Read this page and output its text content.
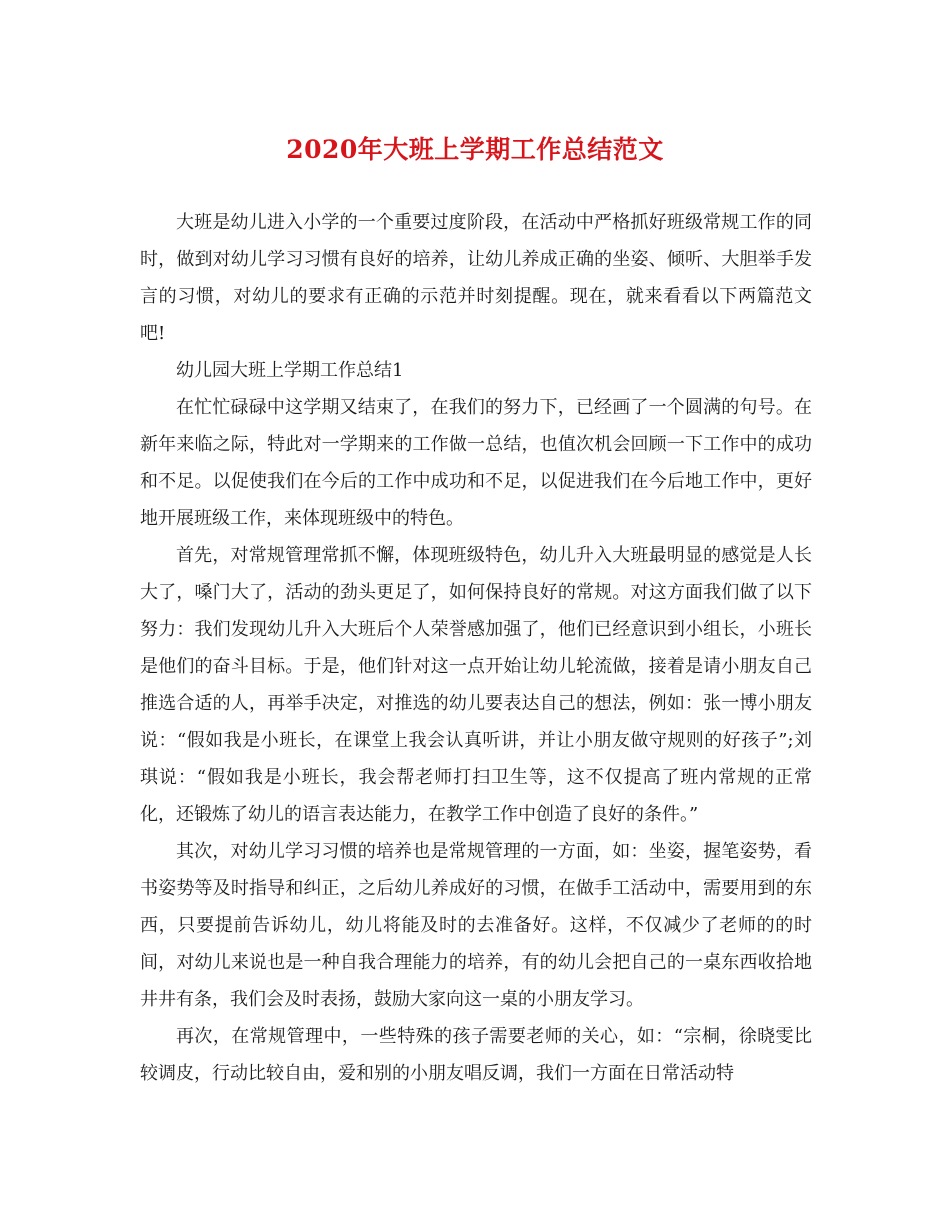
2020年大班上学期工作总结范文

大班是幼儿进入小学的一个重要过度阶段，在活动中严格抓好班级常规工作的同时，做到对幼儿学习习惯有良好的培养，让幼儿养成正确的坐姿、倾听、大胆举手发言的习惯，对幼儿的要求有正确的示范并时刻提醒。现在，就来看看以下两篇范文吧!

幼儿园大班上学期工作总结1

在忙忙碌碌中这学期又结束了，在我们的努力下，已经画了一个圆满的句号。在新年来临之际，特此对一学期来的工作做一总结，也值次机会回顾一下工作中的成功和不足。以促使我们在今后的工作中成功和不足，以促进我们在今后地工作中，更好地开展班级工作，来体现班级中的特色。

首先，对常规管理常抓不懈，体现班级特色，幼儿升入大班最明显的感觉是人长大了，嗓门大了，活动的劲头更足了，如何保持良好的常规。对这方面我们做了以下努力：我们发现幼儿升入大班后个人荣誉感加强了，他们已经意识到小组长，小班长是他们的奋斗目标。于是，他们针对这一点开始让幼儿轮流做，接着是请小朋友自己推选合适的人，再举手决定，对推选的幼儿要表达自己的想法，例如：张一博小朋友说：“假如我是小班长，在课堂上我会认真听讲，并让小朋友做守规则的好孩子”;刘琪说：“假如我是小班长，我会帮老师打扫卫生等，这不仅提高了班内常规的正常化，还锻炼了幼儿的语言表达能力，在教学工作中创造了良好的条件。”

其次，对幼儿学习习惯的培养也是常规管理的一方面，如：坐姿，握笔姿势，看书姿势等及时指导和纠正，之后幼儿养成好的习惯，在做手工活动中，需要用到的东西，只要提前告诉幼儿，幼儿将能及时的去准备好。这样，不仅减少了老师的的时间，对幼儿来说也是一种自我合理能力的培养，有的幼儿会把自己的一桌东西收拾地井井有条，我们会及时表扬，鼓励大家向这一桌的小朋友学习。

再次，在常规管理中，一些特殊的孩子需要老师的关心，如：“宗桐，徐晓雯比较调皮，行动比较自由，爱和别的小朋友唱反调，我们一方面在日常活动特
